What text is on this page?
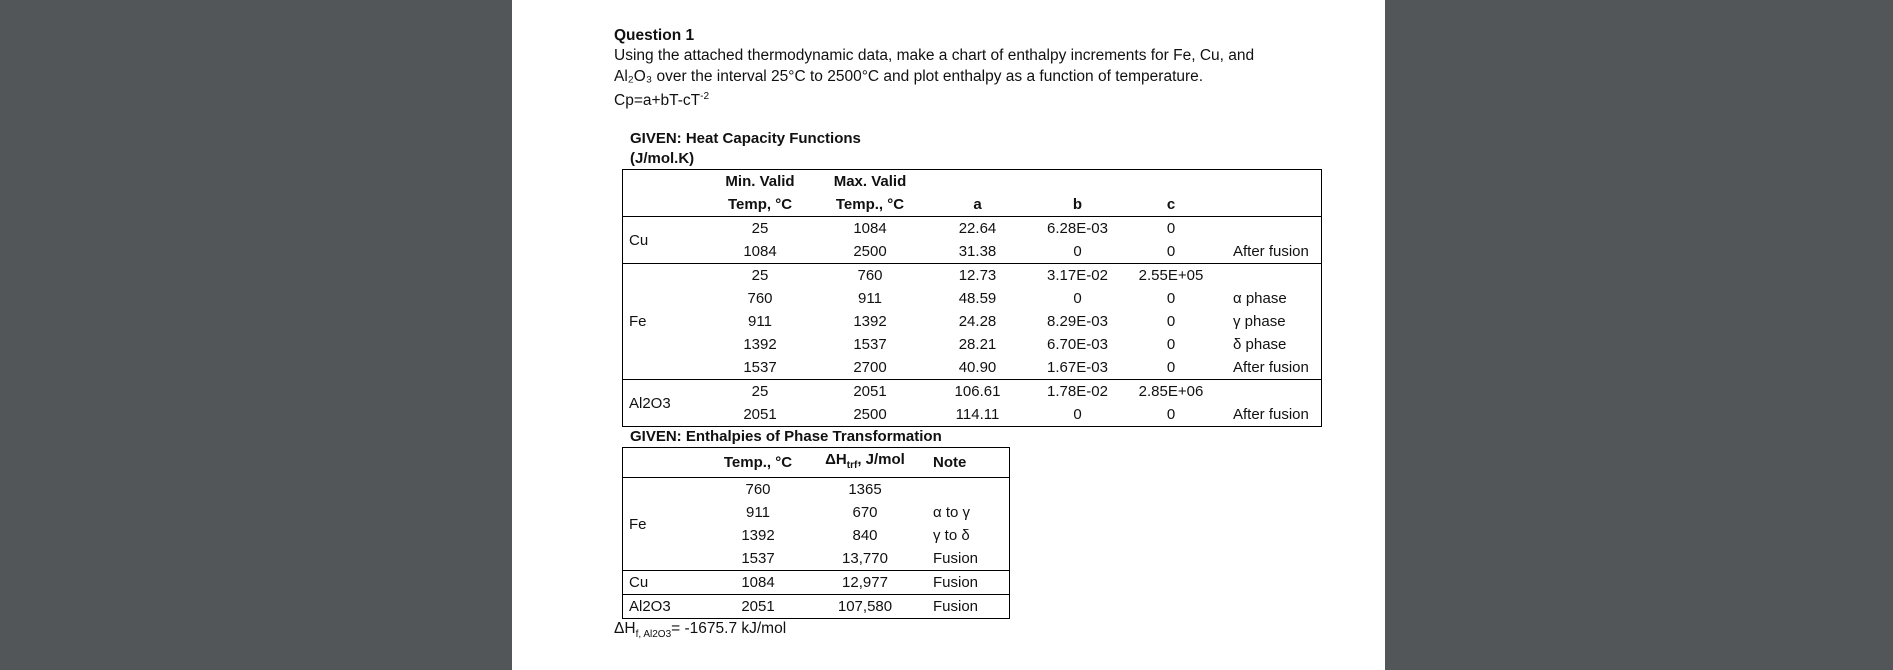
Question 1
Using the attached thermodynamic data, make a chart of enthalpy increments for Fe, Cu, and
Al₂O₃ over the interval 25°C to 2500°C and plot enthalpy as a function of temperature.
$Cp=a+bT-cT^{-2}$
GIVEN: Heat Capacity Functions
(J/mol.K)
	Min. Valid	Max. Valid				
	Temp, °C	Temp., °C	a	b	c	
Cu	25	1084	22.64	6.28E-03	0	
	1084	2500	31.38	0	0	After fusion
Fe	25	760	12.73	3.17E-02	2.55E+05	
	760	911	48.59	0	0	α phase
	911	1392	24.28	8.29E-03	0	γ phase
	1392	1537	28.21	6.70E-03	0	δ phase
	1537	2700	40.90	1.67E-03	0	After fusion
Al2O3	25	2051	106.61	1.78E-02	2.85E+06	
	2051	2500	114.11	0	0	After fusion
GIVEN: Enthalpies of Phase Transformation
	Temp., °C	$\Delta H_{trf}$, J/mol	Note
Fe	760	1365	
	911	670	α to γ
	1392	840	γ to δ
	1537	13,770	Fusion
Cu	1084	12,977	Fusion
Al2O3	2051	107,580	Fusion
$\Delta H_{f, Al2O3}= -1675.7$ kJ/mol
